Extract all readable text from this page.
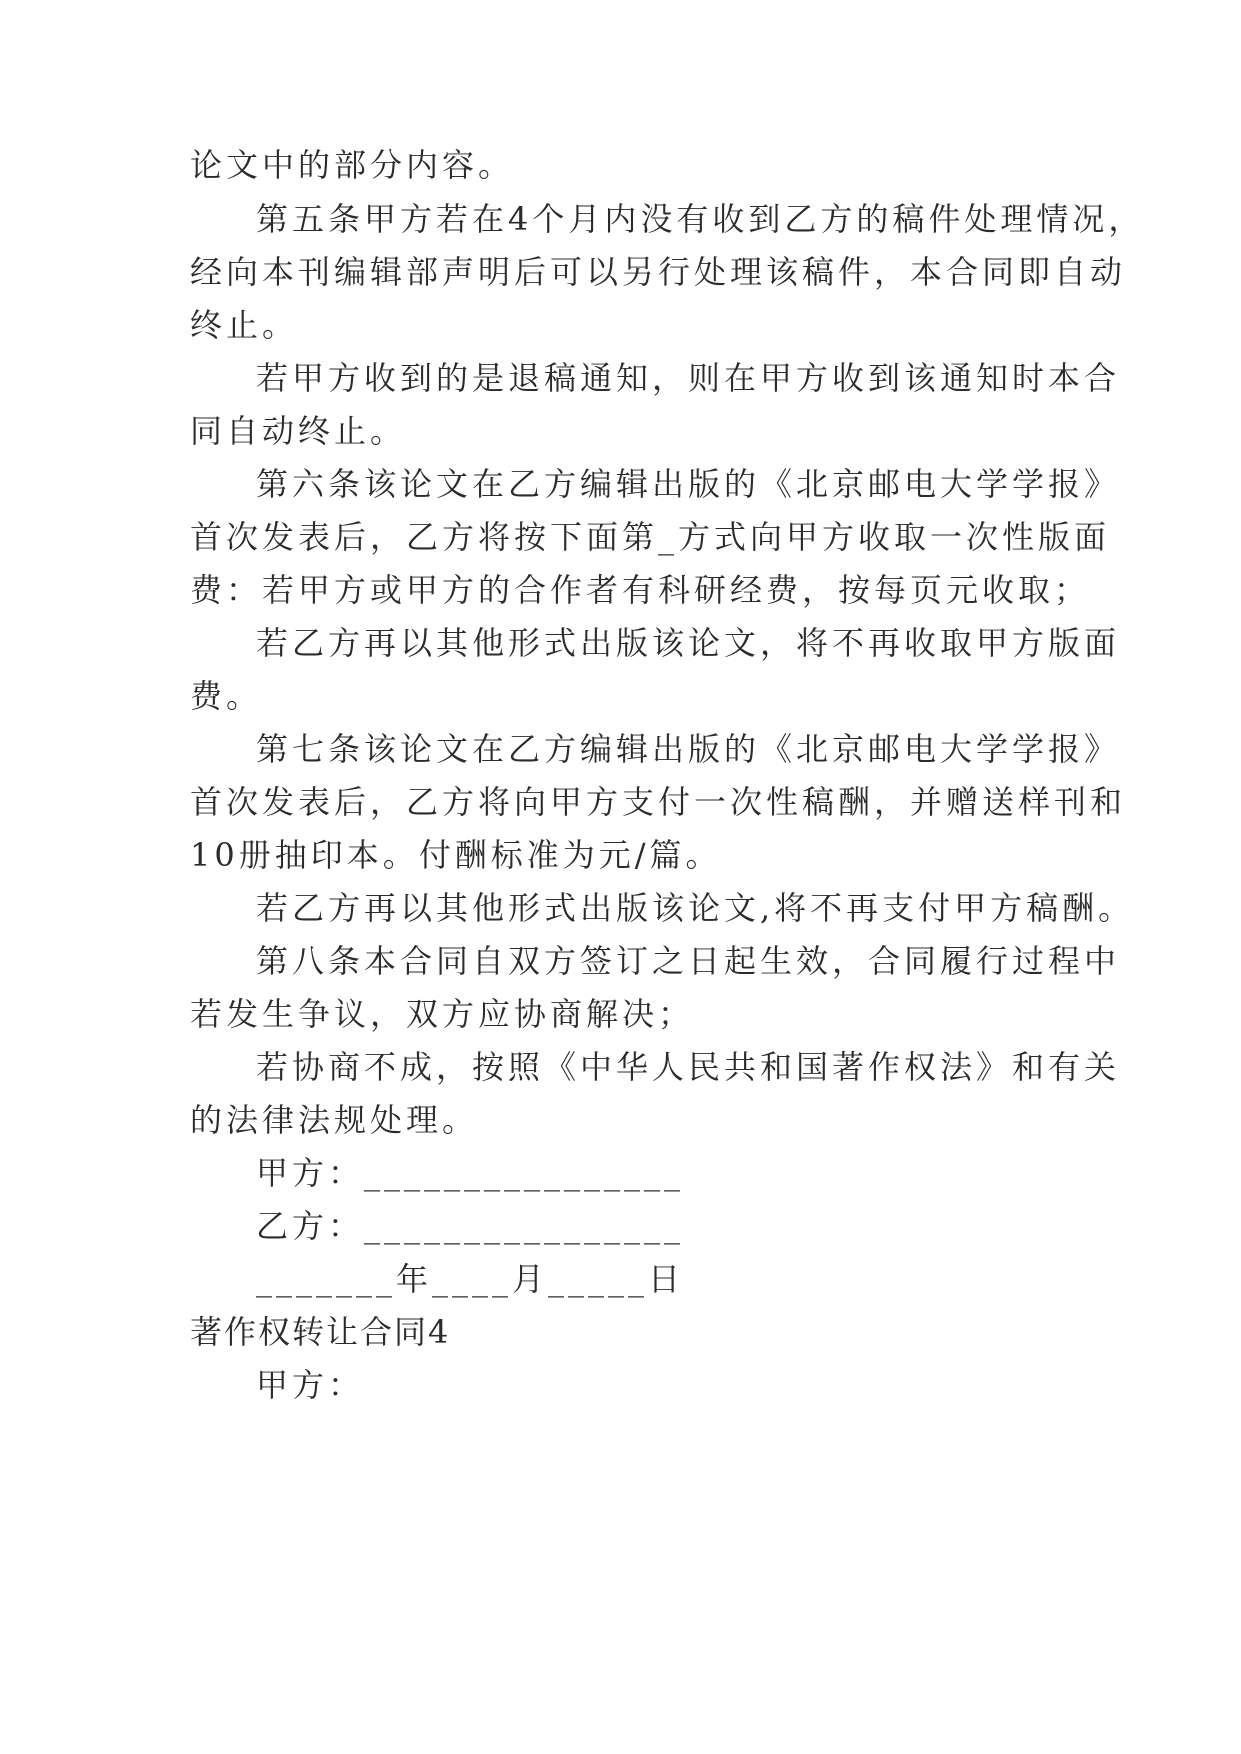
论文中的部分内容。
第五条甲方若在4个月内没有收到乙方的稿件处理情况，
经向本刊编辑部声明后可以另行处理该稿件，本合同即自动
终止。
若甲方收到的是退稿通知，则在甲方收到该通知时本合
同自动终止。
第六条该论文在乙方编辑出版的《北京邮电大学学报》
首次发表后，乙方将按下面第_方式向甲方收取一次性版面
费：若甲方或甲方的合作者有科研经费，按每页元收取；
若乙方再以其他形式出版该论文，将不再收取甲方版面
费。
第七条该论文在乙方编辑出版的《北京邮电大学学报》
首次发表后，乙方将向甲方支付一次性稿酬，并赠送样刊和
10册抽印本。付酬标准为元/篇。
若乙方再以其他形式出版该论文,将不再支付甲方稿酬。
第八条本合同自双方签订之日起生效，合同履行过程中
若发生争议，双方应协商解决；
若协商不成，按照《中华人民共和国著作权法》和有关
的法律法规处理。
甲方：________________
乙方：________________
_______年____月_____日
著作权转让合同4
甲方：
